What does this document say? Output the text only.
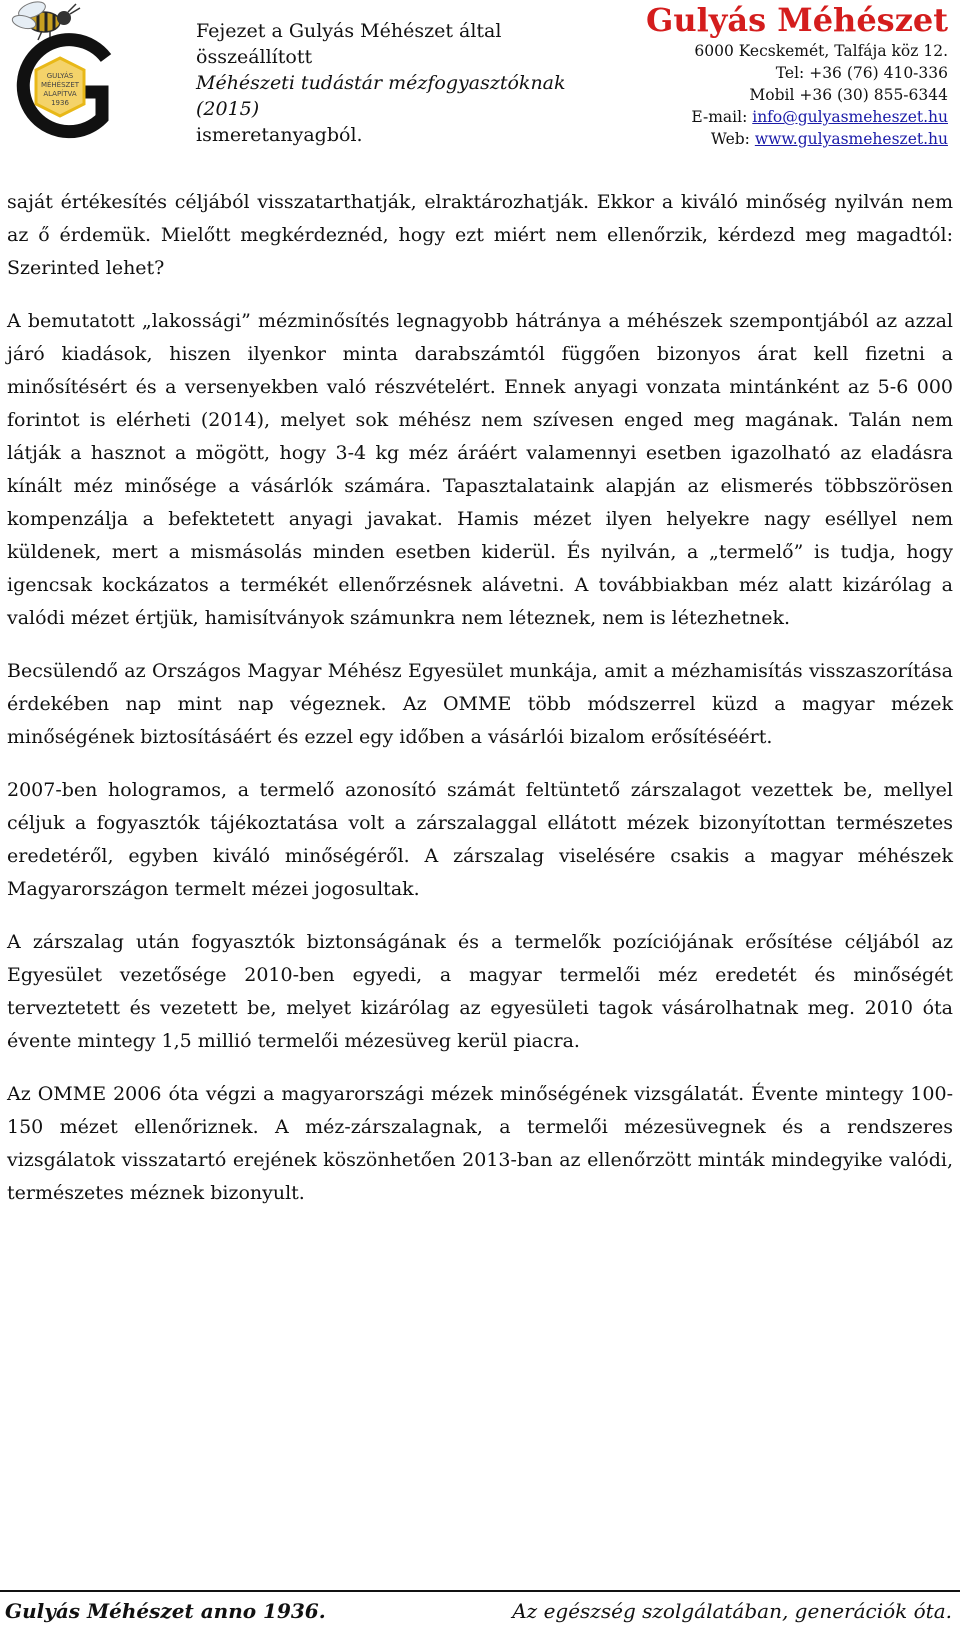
GULYÁS
MÉHÉSZET
ALAPÍTVA
1936
Fejezet a Gulyás Méhészet által összeállított
Méhészeti tudástár mézfogyasztóknak (2015)
ismeretanyagból.
Gulyás Méhészet
6000 Kecskemét, Talfája köz 12.
Tel: +36 (76) 410-336
Mobil +36 (30) 855-6344
E-mail: info@gulyasmeheszet.hu
Web: www.gulyasmeheszet.hu

saját értékesítés céljából visszatarthatják, elraktározhatják. Ekkor a kiváló minőség nyilván nem az ő érdemük. Mielőtt megkérdeznéd, hogy ezt miért nem ellenőrzik, kérdezd meg magadtól: Szerinted lehet?

A bemutatott „lakossági” mézminősítés legnagyobb hátránya a méhészek szempontjából az azzal járó kiadások, hiszen ilyenkor minta darabszámtól függően bizonyos árat kell fizetni a minősítésért és a versenyekben való részvételért. Ennek anyagi vonzata mintánként az 5-6 000 forintot is elérheti (2014), melyet sok méhész nem szívesen enged meg magának. Talán nem látják a hasznot a mögött, hogy 3-4 kg méz áráért valamennyi esetben igazolható az eladásra kínált méz minősége a vásárlók számára. Tapasztalataink alapján az elismerés többszörösen kompenzálja a befektetett anyagi javakat. Hamis mézet ilyen helyekre nagy eséllyel nem küldenek, mert a mismásolás minden esetben kiderül. És nyilván, a „termelő” is tudja, hogy igencsak kockázatos a termékét ellenőrzésnek alávetni. A továbbiakban méz alatt kizárólag a valódi mézet értjük, hamisítványok számunkra nem léteznek, nem is létezhetnek.

Becsülendő az Országos Magyar Méhész Egyesület munkája, amit a mézhamisítás visszaszorítása érdekében nap mint nap végeznek. Az OMME több módszerrel küzd a magyar mézek minőségének biztosításáért és ezzel egy időben a vásárlói bizalom erősítéséért.

2007-ben hologramos, a termelő azonosító számát feltüntető zárszalagot vezettek be, mellyel céljuk a fogyasztók tájékoztatása volt a zárszalaggal ellátott mézek bizonyítottan természetes eredetéről, egyben kiváló minőségéről. A zárszalag viselésére csakis a magyar méhészek Magyarországon termelt mézei jogosultak.

A zárszalag után fogyasztók biztonságának és a termelők pozíciójának erősítése céljából az Egyesület vezetősége 2010-ben egyedi, a magyar termelői méz eredetét és minőségét terveztetett és vezetett be, melyet kizárólag az egyesületi tagok vásárolhatnak meg. 2010 óta évente mintegy 1,5 millió termelői mézesüveg kerül piacra.

Az OMME 2006 óta végzi a magyarországi mézek minőségének vizsgálatát. Évente mintegy 100-150 mézet ellenőriznek. A méz-zárszalagnak, a termelői mézesüvegnek és a rendszeres vizsgálatok visszatartó erejének köszönhetően 2013-ban az ellenőrzött minták mindegyike valódi, természetes méznek bizonyult.

Gulyás Méhészet anno 1936.	Az egészség szolgálatában, generációk óta.
